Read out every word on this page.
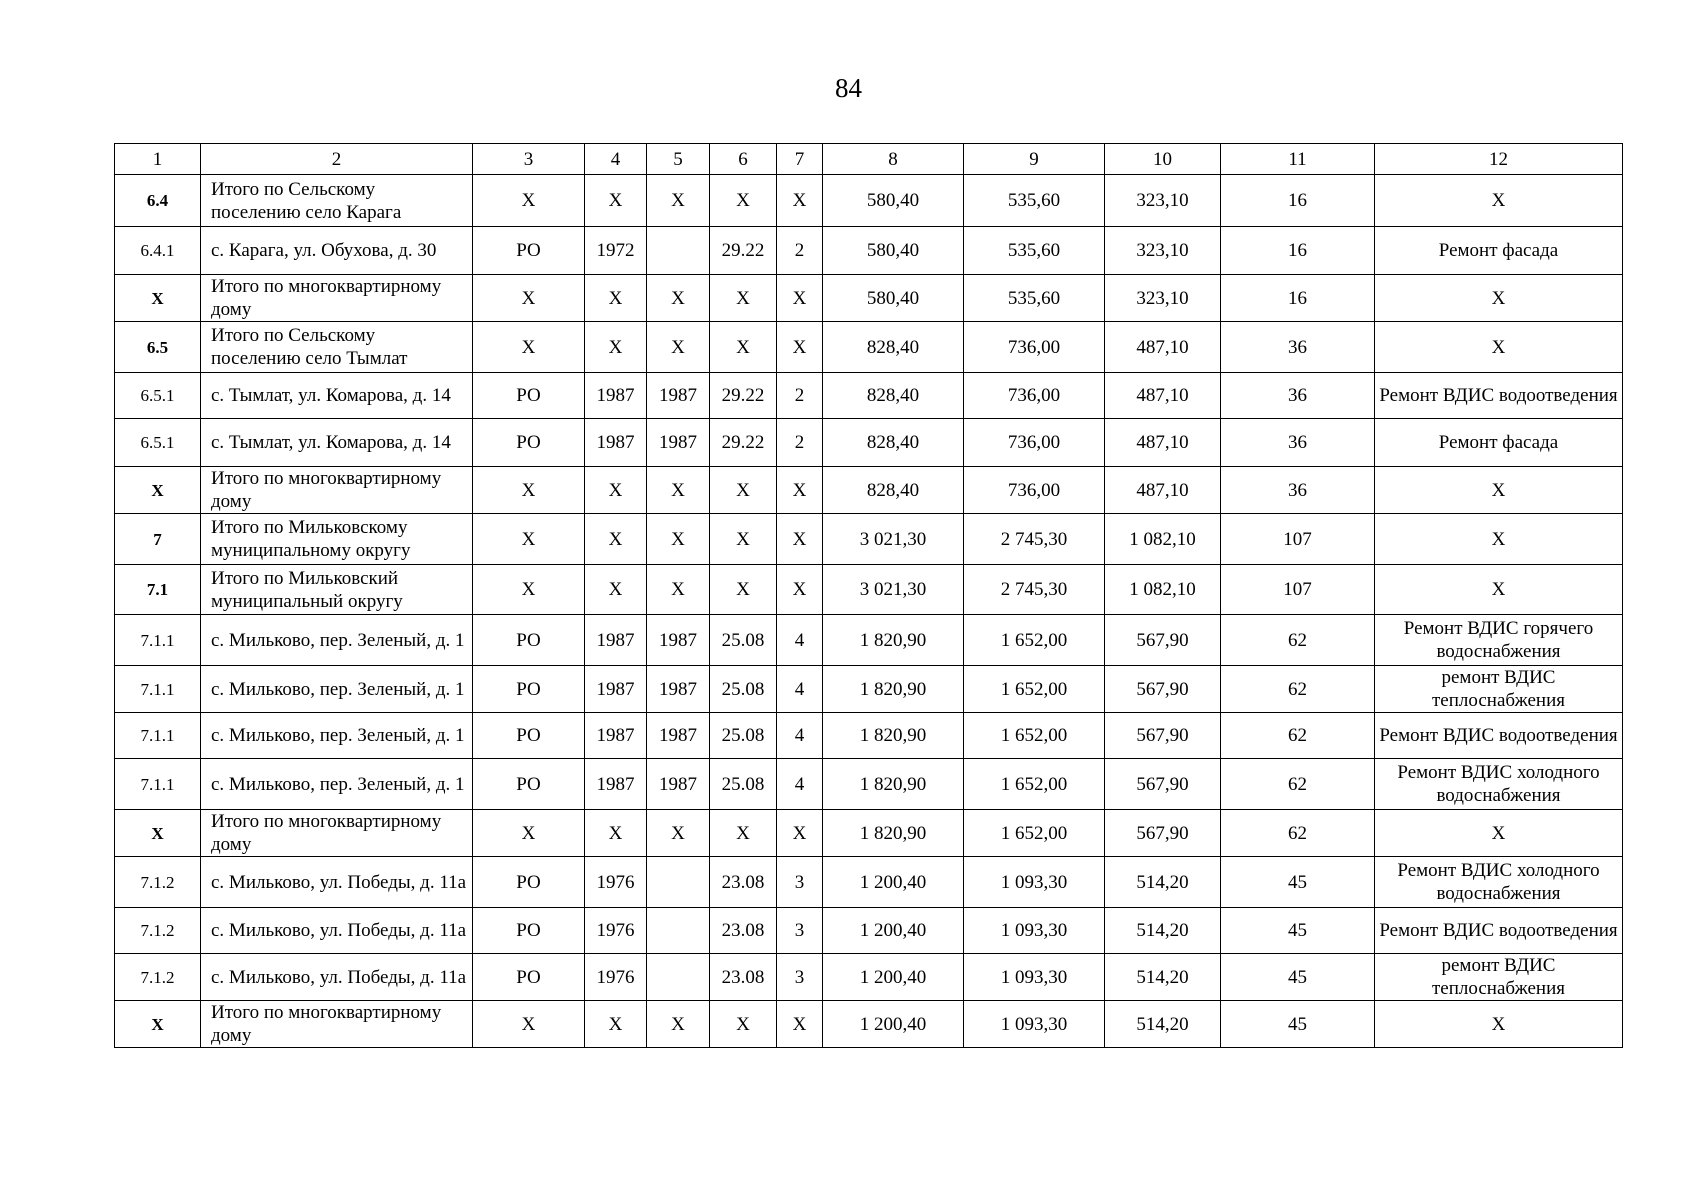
84
1	2	3	4	5	6	7	8	9	10	11	12
6.4	Итого по Сельскому поселению село Карага	X	X	X	X	X	580,40	535,60	323,10	16	X
6.4.1	с. Карага, ул. Обухова, д. 30	РО	1972		29.22	2	580,40	535,60	323,10	16	Ремонт фасада
X	Итого по многоквартирному дому	X	X	X	X	X	580,40	535,60	323,10	16	X
6.5	Итого по Сельскому поселению село Тымлат	X	X	X	X	X	828,40	736,00	487,10	36	X
6.5.1	с. Тымлат, ул. Комарова, д. 14	РО	1987	1987	29.22	2	828,40	736,00	487,10	36	Ремонт ВДИС водоотведения
6.5.1	с. Тымлат, ул. Комарова, д. 14	РО	1987	1987	29.22	2	828,40	736,00	487,10	36	Ремонт фасада
X	Итого по многоквартирному дому	X	X	X	X	X	828,40	736,00	487,10	36	X
7	Итого по Мильковскому муниципальному округу	X	X	X	X	X	3 021,30	2 745,30	1 082,10	107	X
7.1	Итого по Мильковский муниципальный округу	X	X	X	X	X	3 021,30	2 745,30	1 082,10	107	X
7.1.1	с. Мильково, пер. Зеленый, д. 1	РО	1987	1987	25.08	4	1 820,90	1 652,00	567,90	62	Ремонт ВДИС горячего водоснабжения
7.1.1	с. Мильково, пер. Зеленый, д. 1	РО	1987	1987	25.08	4	1 820,90	1 652,00	567,90	62	ремонт ВДИС теплоснабжения
7.1.1	с. Мильково, пер. Зеленый, д. 1	РО	1987	1987	25.08	4	1 820,90	1 652,00	567,90	62	Ремонт ВДИС водоотведения
7.1.1	с. Мильково, пер. Зеленый, д. 1	РО	1987	1987	25.08	4	1 820,90	1 652,00	567,90	62	Ремонт ВДИС холодного водоснабжения
X	Итого по многоквартирному дому	X	X	X	X	X	1 820,90	1 652,00	567,90	62	X
7.1.2	с. Мильково, ул. Победы, д. 11а	РО	1976		23.08	3	1 200,40	1 093,30	514,20	45	Ремонт ВДИС холодного водоснабжения
7.1.2	с. Мильково, ул. Победы, д. 11а	РО	1976		23.08	3	1 200,40	1 093,30	514,20	45	Ремонт ВДИС водоотведения
7.1.2	с. Мильково, ул. Победы, д. 11а	РО	1976		23.08	3	1 200,40	1 093,30	514,20	45	ремонт ВДИС теплоснабжения
X	Итого по многоквартирному дому	X	X	X	X	X	1 200,40	1 093,30	514,20	45	X
